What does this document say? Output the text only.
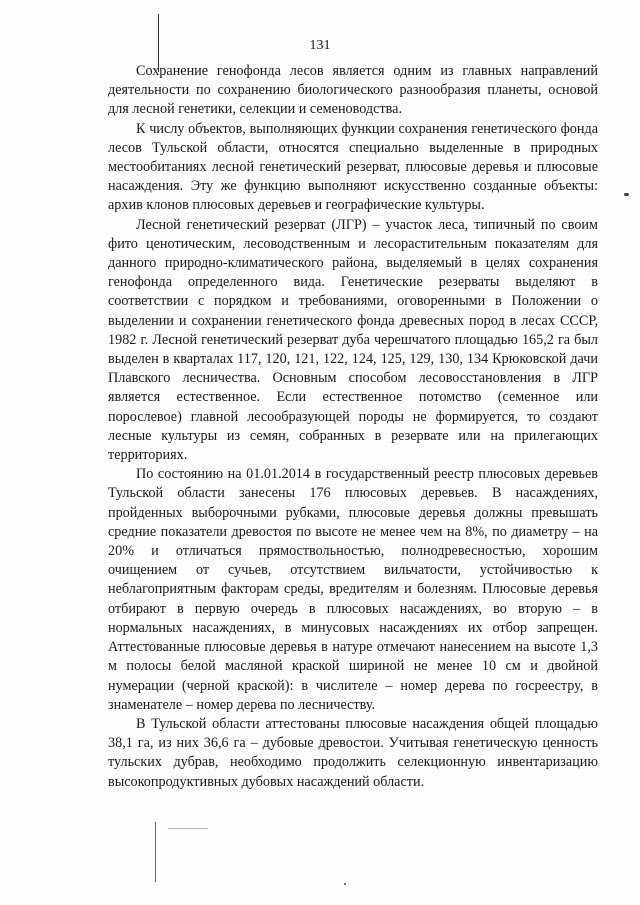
131

Сохранение генофонда лесов является одним из главных направлений деятельности по сохранению биологического разнообразия планеты, основой для лесной генетики, селекции и семеноводства.

К числу объектов, выполняющих функции сохранения генетического фонда лесов Тульской области, относятся специально выделенные в природных местообитаниях лесной генетический резерват, плюсовые деревья и плюсовые насаждения. Эту же функцию выполняют искусственно созданные объекты: архив клонов плюсовых деревьев и географические культуры.

Лесной генетический резерват (ЛГР) – участок леса, типичный по своим фито ценотическим, лесоводственным и лесорастительным показателям для данного природно-климатического района, выделяемый в целях сохранения генофонда определенного вида. Генетические резерваты выделяют в соответствии с порядком и требованиями, оговоренными в Положении о выделении и сохранении генетического фонда древесных пород в лесах СССР, 1982 г. Лесной генетический резерват дуба черешчатого площадью 165,2 га был выделен в кварталах 117, 120, 121, 122, 124, 125, 129, 130, 134 Крюковской дачи Плавского лесничества. Основным способом лесовосстановления в ЛГР является естественное. Если естественное потомство (семенное или порослевое) главной лесообразующей породы не формируется, то создают лесные культуры из семян, собранных в резервате или на прилегающих территориях.

По состоянию на 01.01.2014 в государственный реестр плюсовых деревьев Тульской области занесены 176 плюсовых деревьев. В насаждениях, пройденных выборочными рубками, плюсовые деревья должны превышать средние показатели древостоя по высоте не менее чем на 8%, по диаметру – на 20% и отличаться прямоствольностью, полнодревесностью, хорошим очищением от сучьев, отсутствием вильчатости, устойчивостью к неблагоприятным факторам среды, вредителям и болезням. Плюсовые деревья отбирают в первую очередь в плюсовых насаждениях, во вторую – в нормальных насаждениях, в минусовых насаждениях их отбор запрещен. Аттестованные плюсовые деревья в натуре отмечают нанесением на высоте 1,3 м полосы белой масляной краской шириной не менее 10 см и двойной нумерации (черной краской): в числителе – номер дерева по госреестру, в знаменателе – номер дерева по лесничеству.

В Тульской области аттестованы плюсовые насаждения общей площадью 38,1 га, из них 36,6 га – дубовые древостои. Учитывая генетическую ценность тульских дубрав, необходимо продолжить селекционную инвентаризацию высокопродуктивных дубовых насаждений области.
